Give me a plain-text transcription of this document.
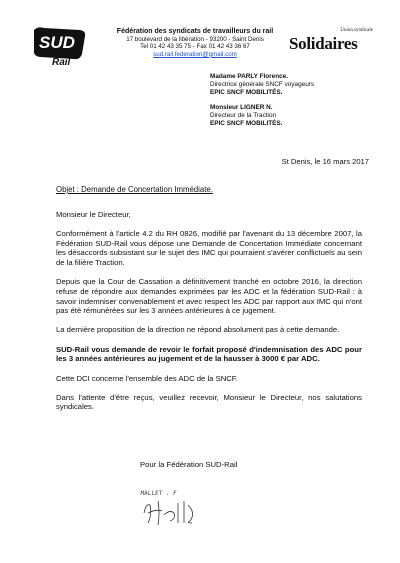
SUD
Rail
Fédération des syndicats de travailleurs du rail
17 boulevard de la libération - 93200 - Saint Denis
Tel 01 42 43 35 75 - Fax 01 42 43 36 67
sud.rail.federation@gmail.com
Union syndicale
Solidaires
Madame PARLY Florence.
Directrice générale SNCF voyageurs
EPIC SNCF MOBILITÉS.
Monsieur LIGNER N.
Directeur de la Traction
EPIC SNCF MOBILITÉS.
St Denis, le 16 mars 2017
Objet : Demande de Concertation Immédiate.

Monsieur le Directeur,

Conformément à l'article 4.2 du RH 0826, modifié par l'avenant du 13 décembre 2007, la Fédération SUD-Rail vous dépose une Demande de Concertation Immédiate concernant les désaccords subsistant sur le sujet des IMC qui pourraient s'avérer conflictuels au sein de la filière Traction.

Depuis que la Cour de Cassation a définitivement tranché en octobre 2016, la direction refuse de répondre aux demandes exprimées par les ADC et la fédération SUD-Rail : à savoir indemniser convenablement et avec respect les ADC par rapport aux IMC qui n'ont pas été rémunérées sur les 3 années antérieures à ce jugement.

La dernière proposition de la direction ne répond absolument pas à cette demande.

SUD-Rail vous demande de revoir le forfait proposé d'indemnisation des ADC pour les 3 années antérieures au jugement et de la hausser à 3000 € par ADC.

Cette DCI concerne l'ensemble des ADC de la SNCF.

Dans l'attente d'être reçus, veuillez recevoir, Monsieur le Directeur, nos salutations syndicales.

Pour la Fédération SUD-Rail
MALLET . F
